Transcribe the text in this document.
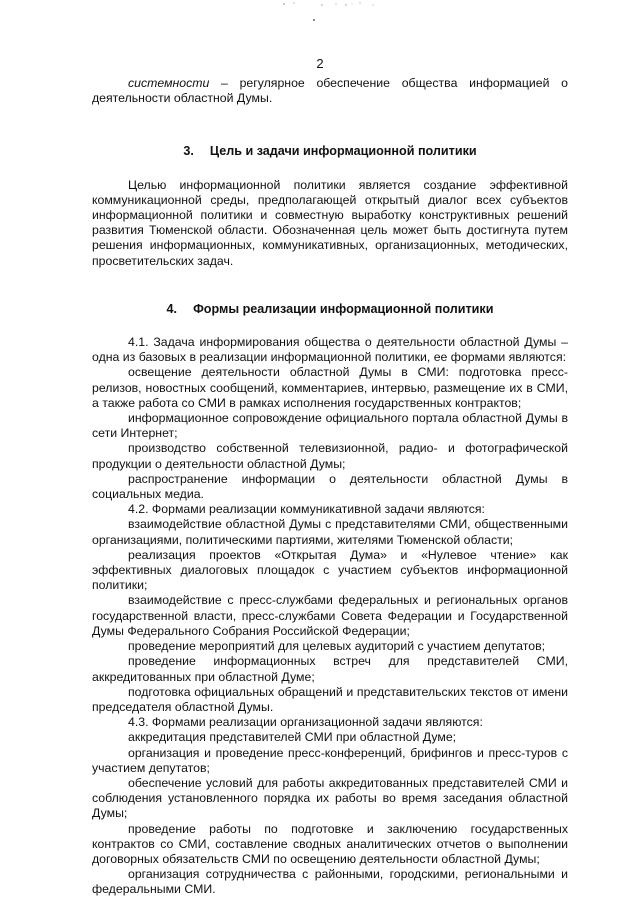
2

системности – регулярное обеспечение общества информацией о деятельности областной Думы.

3. Цель и задачи информационной политики

Целью информационной политики является создание эффективной коммуникационной среды, предполагающей открытый диалог всех субъектов информационной политики и совместную выработку конструктивных решений развития Тюменской области. Обозначенная цель может быть достигнута путем решения информационных, коммуникативных, организационных, методических, просветительских задач.

4. Формы реализации информационной политики

4.1. Задача информирования общества о деятельности областной Думы – одна из базовых в реализации информационной политики, ее формами являются:

освещение деятельности областной Думы в СМИ: подготовка пресс-релизов, новостных сообщений, комментариев, интервью, размещение их в СМИ, а также работа со СМИ в рамках исполнения государственных контрактов;

информационное сопровождение официального портала областной Думы в сети Интернет;

производство собственной телевизионной, радио- и фотографической продукции о деятельности областной Думы;

распространение информации о деятельности областной Думы в социальных медиа.

4.2. Формами реализации коммуникативной задачи являются:

взаимодействие областной Думы с представителями СМИ, общественными организациями, политическими партиями, жителями Тюменской области;

реализация проектов «Открытая Дума» и «Нулевое чтение» как эффективных диалоговых площадок с участием субъектов информационной политики;

взаимодействие с пресс-службами федеральных и региональных органов государственной власти, пресс-службами Совета Федерации и Государственной Думы Федерального Собрания Российской Федерации;

проведение мероприятий для целевых аудиторий с участием депутатов;

проведение информационных встреч для представителей СМИ, аккредитованных при областной Думе;

подготовка официальных обращений и представительских текстов от имени председателя областной Думы.

4.3. Формами реализации организационной задачи являются:

аккредитация представителей СМИ при областной Думе;

организация и проведение пресс-конференций, брифингов и пресс-туров с участием депутатов;

обеспечение условий для работы аккредитованных представителей СМИ и соблюдения установленного порядка их работы во время заседания областной Думы;

проведение работы по подготовке и заключению государственных контрактов со СМИ, составление сводных аналитических отчетов о выполнении договорных обязательств СМИ по освещению деятельности областной Думы;

организация сотрудничества с районными, городскими, региональными и федеральными СМИ.
